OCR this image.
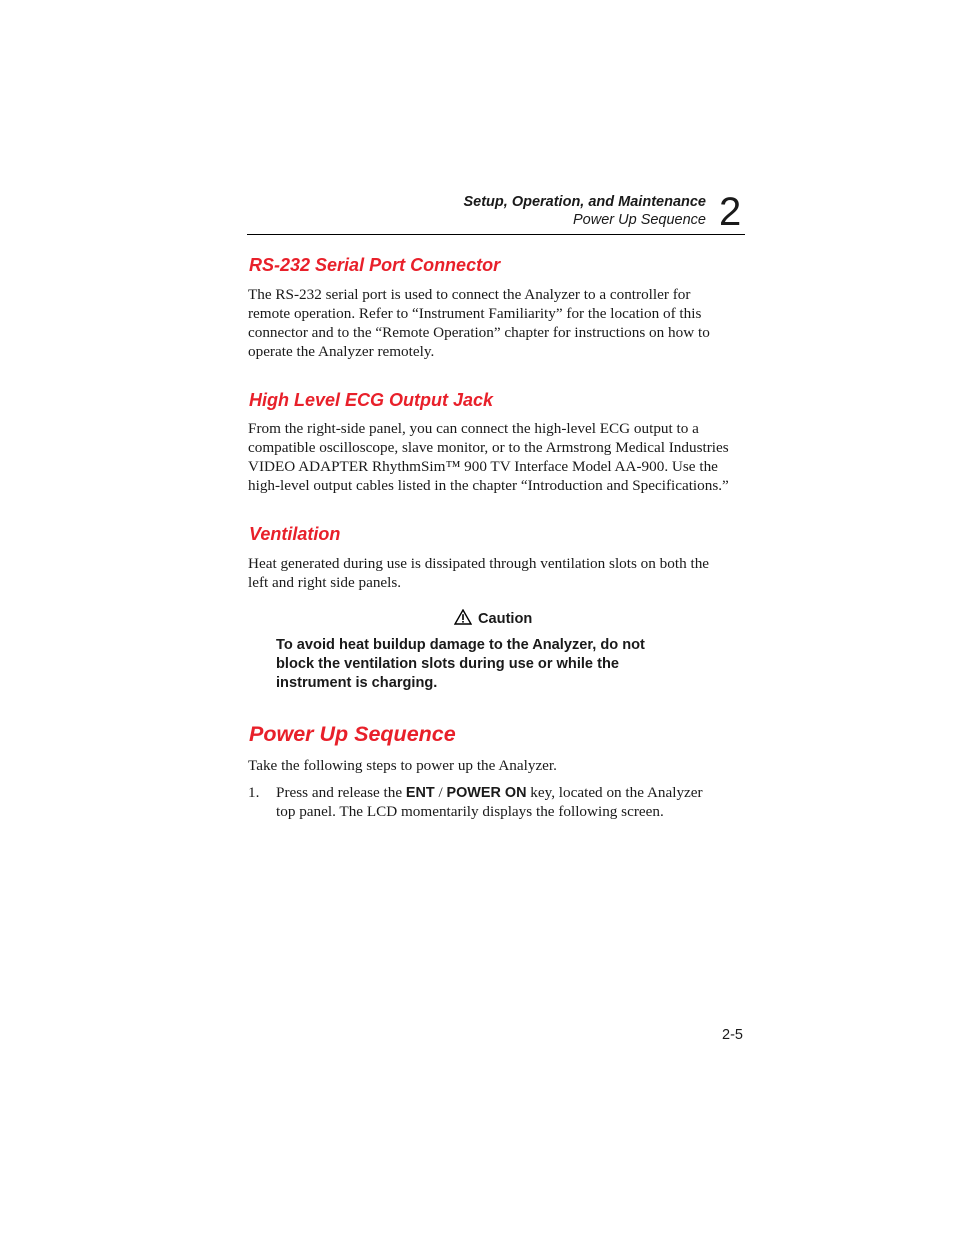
Setup, Operation, and Maintenance
Power Up Sequence 2
RS-232 Serial Port Connector
The RS-232 serial port is used to connect the Analyzer to a controller for
remote operation. Refer to “Instrument Familiarity” for the location of this
connector and to the “Remote Operation” chapter for instructions on how to
operate the Analyzer remotely.
High Level ECG Output Jack
From the right-side panel, you can connect the high-level ECG output to a
compatible oscilloscope, slave monitor, or to the Armstrong Medical Industries
VIDEO ADAPTER RhythmSim™ 900 TV Interface Model AA-900. Use the
high-level output cables listed in the chapter “Introduction and Specifications.”
Ventilation
Heat generated during use is dissipated through ventilation slots on both the
left and right side panels.
Caution
To avoid heat buildup damage to the Analyzer, do not
block the ventilation slots during use or while the
instrument is charging.
Power Up Sequence
Take the following steps to power up the Analyzer.
1. Press and release the ENT / POWER ON key, located on the Analyzer
top panel. The LCD momentarily displays the following screen.
2-5
